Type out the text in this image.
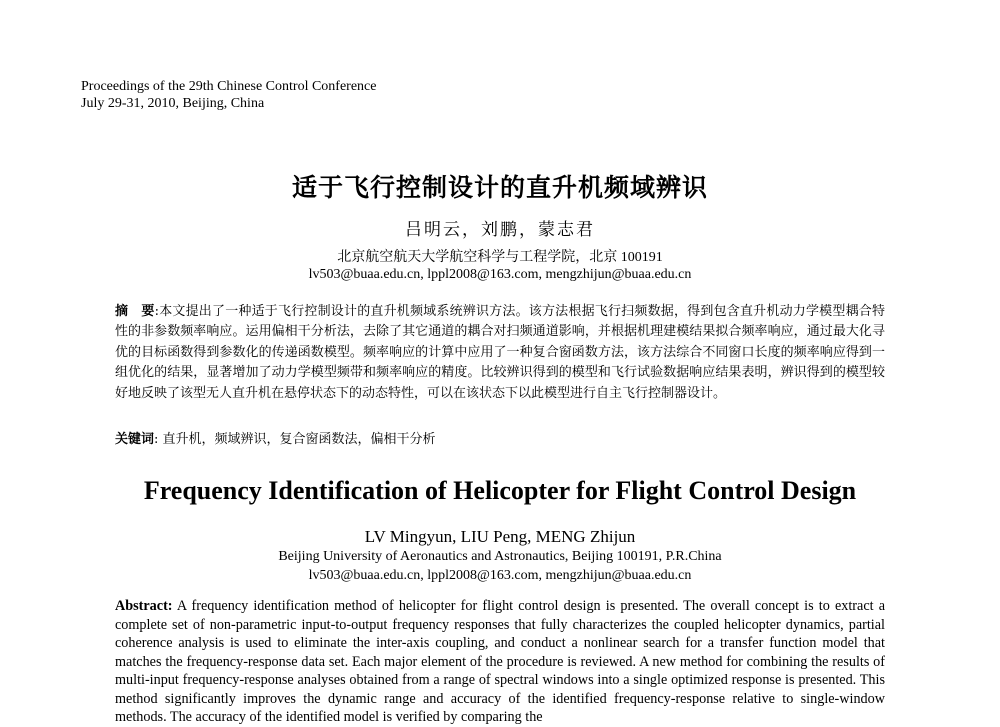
Proceedings of the 29th Chinese Control Conference
July 29-31, 2010, Beijing, China
适于飞行控制设计的直升机频域辨识
吕明云，刘鹏，蒙志君
北京航空航天大学航空科学与工程学院，北京 100191
lv503@buaa.edu.cn, lppl2008@163.com, mengzhijun@buaa.edu.cn
摘　要:本文提出了一种适于飞行控制设计的直升机频域系统辨识方法。该方法根据飞行扫频数据，得到包含直升机动力学模型耦合特性的非参数频率响应。运用偏相干分析法，去除了其它通道的耦合对扫频通道影响，并根据机理建模结果拟合频率响应，通过最大化寻优的目标函数得到参数化的传递函数模型。频率响应的计算中应用了一种复合窗函数方法，该方法综合不同窗口长度的频率响应得到一组优化的结果，显著增加了动力学模型频带和频率响应的精度。比较辨识得到的模型和飞行试验数据响应结果表明，辨识得到的模型较好地反映了该型无人直升机在悬停状态下的动态特性，可以在该状态下以此模型进行自主飞行控制器设计。
关键词: 直升机，频域辨识，复合窗函数法，偏相干分析
Frequency Identification of Helicopter for Flight Control Design
LV Mingyun, LIU Peng, MENG Zhijun
Beijing University of Aeronautics and Astronautics, Beijing 100191, P.R.China
lv503@buaa.edu.cn, lppl2008@163.com, mengzhijun@buaa.edu.cn
Abstract: A frequency identification method of helicopter for flight control design is presented. The overall concept is to extract a complete set of non-parametric input-to-output frequency responses that fully characterizes the coupled helicopter dynamics, partial coherence analysis is used to eliminate the inter-axis coupling, and conduct a nonlinear search for a transfer function model that matches the frequency-response data set. Each major element of the procedure is reviewed. A new method for combining the results of multi-input frequency-response analyses obtained from a range of spectral windows into a single optimized response is presented. This method significantly improves the dynamic range and accuracy of the identified frequency-response relative to single-window methods. The accuracy of the identified model is verified by comparing the
